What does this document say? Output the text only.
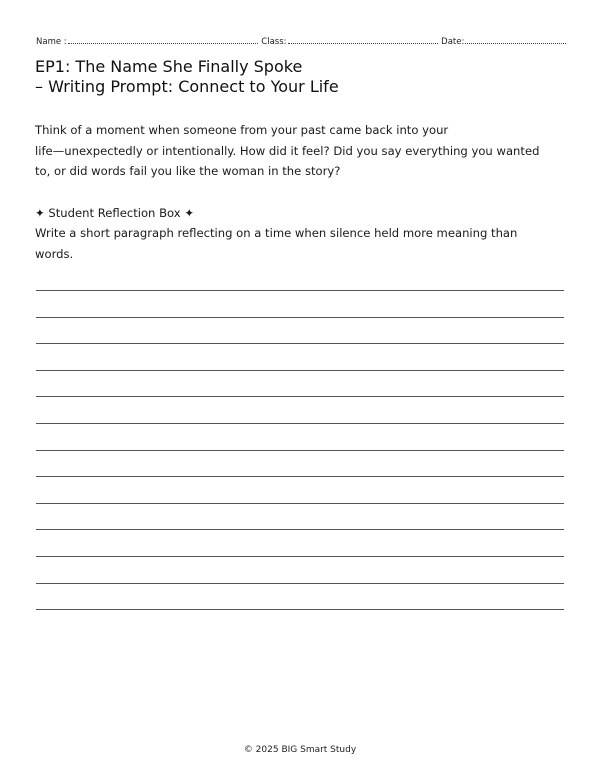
Name :	Class:	Date:
EP1: The Name She Finally Spoke
– Writing Prompt: Connect to Your Life
Think of a moment when someone from your past came back into your
life—unexpectedly or intentionally. How did it feel? Did you say everything you wanted
to, or did words fail you like the woman in the story?
✦ Student Reflection Box ✦
Write a short paragraph reflecting on a time when silence held more meaning than
words.
© 2025 BIG Smart Study
